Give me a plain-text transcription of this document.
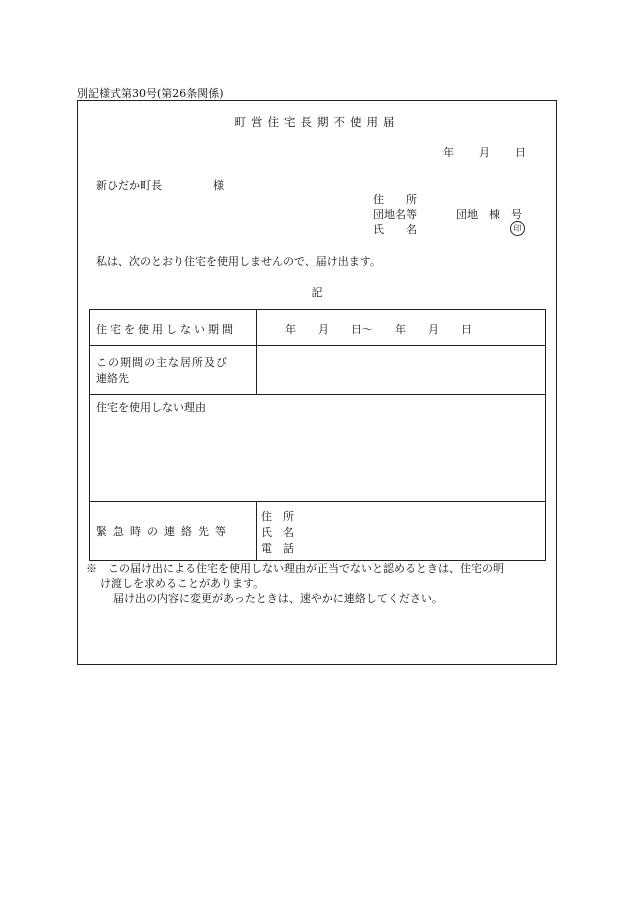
別記様式第30号(第26条関係)
町営住宅長期不使用届
年 月 日
新ひだか町長	様
住　　所
団地名等	団地　棟　号
氏　　名	印
私は、次のとおり住宅を使用しませんので、届け出ます。
記
住宅を使用しない期間	年　　月　　日～　　年　　月　　日
この期間の主な居所及び
連絡先
住宅を使用しない理由
緊急時の連絡先等
住　所
氏　名
電　話

※　この届け出による住宅を使用しない理由が正当でないと認めるときは、住宅の明

け渡しを求めることがあります。

届け出の内容に変更があったときは、速やかに連絡してください。
